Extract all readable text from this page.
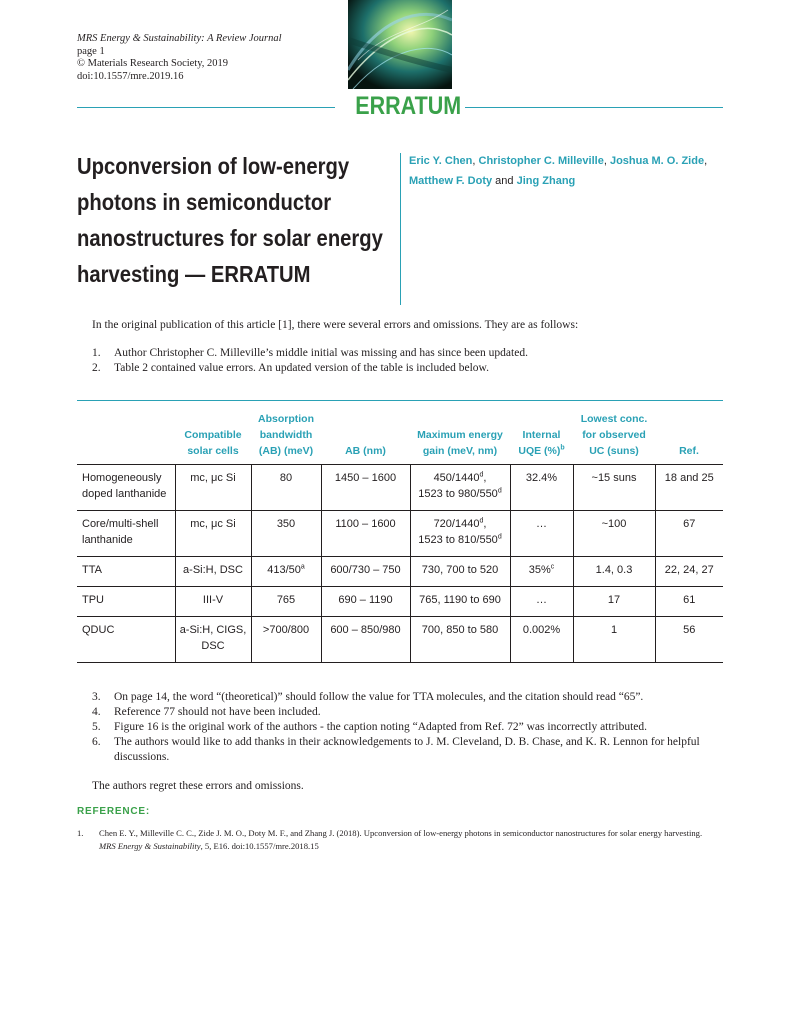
MRS Energy & Sustainability: A Review Journal
page 1
© Materials Research Society, 2019
doi:10.1557/mre.2019.16
ERRATUM
Upconversion of low-energy photons in semiconductor nanostructures for solar energy harvesting — ERRATUM
Eric Y. Chen, Christopher C. Milleville, Joshua M. O. Zide,
Matthew F. Doty and Jing Zhang

In the original publication of this article [1], there were several errors and omissions. They are as follows:

1.	Author Christopher C. Milleville’s middle initial was missing and has since been updated.
2.	Table 2 contained value errors. An updated version of the table is included below.
	Compatible solar cells	Absorption bandwidth (AB) (meV)	AB (nm)	Maximum energy gain (meV, nm)	Internal UQE (%)$^b$	Lowest conc. for observed UC (suns)	Ref.
Homogeneously doped lanthanide	mc, μc Si	80	1450 – 1600	450/1440$^d$,
1523 to 980/550$^d$	32.4%	~15 suns	18 and 25
Core/multi-shell lanthanide	mc, μc Si	350	1100 – 1600	720/1440$^d$,
1523 to 810/550$^d$	…	~100	67
TTA	a-Si:H, DSC	413/50$^a$	600/730 – 750	730, 700 to 520	35%$^c$	1.4, 0.3	22, 24, 27
TPU	III-V	765	690 – 1190	765, 1190 to 690	…	17	61
QDUC	a-Si:H, CIGS, DSC	>700/800	600 – 850/980	700, 850 to 580	0.002%	1	56
3.	On page 14, the word “(theoretical)” should follow the value for TTA molecules, and the citation should read “65”.
4.	Reference 77 should not have been included.
5.	Figure 16 is the original work of the authors - the caption noting “Adapted from Ref. 72” was incorrectly attributed.
6.	The authors would like to add thanks in their acknowledgements to J. M. Cleveland, D. B. Chase, and K. R. Lennon for helpful discussions.

The authors regret these errors and omissions.

REFERENCE:
1.	Chen E. Y., Milleville C. C., Zide J. M. O., Doty M. F., and Zhang J. (2018). Upconversion of low-energy photons in semiconductor nanostructures for solar energy harvesting. MRS Energy & Sustainability, 5, E16. doi:10.1557/mre.2018.15
